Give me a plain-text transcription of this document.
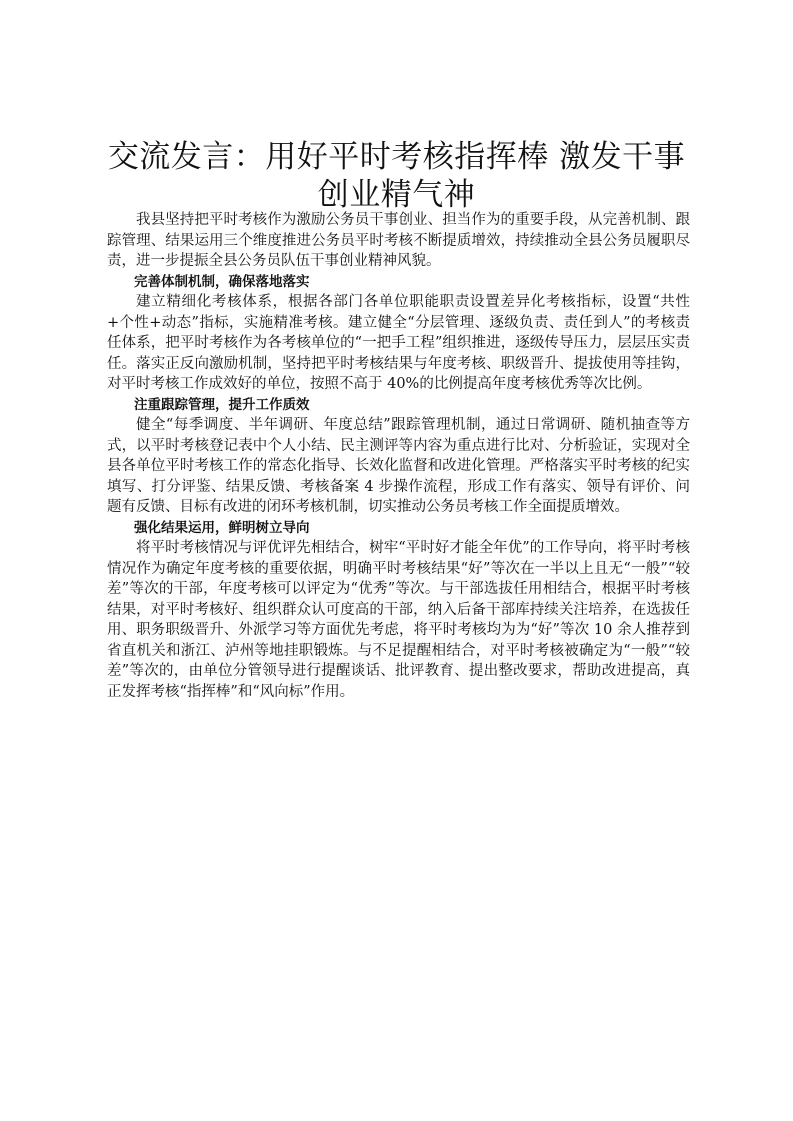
交流发言：用好平时考核指挥棒 激发干事创业精气神

我县坚持把平时考核作为激励公务员干事创业、担当作为的重要手段，从完善机制、跟踪管理、结果运用三个维度推进公务员平时考核不断提质增效，持续推动全县公务员履职尽责，进一步提振全县公务员队伍干事创业精神风貌。

完善体制机制，确保落地落实

建立精细化考核体系，根据各部门各单位职能职责设置差异化考核指标，设置“共性+个性+动态”指标，实施精准考核。建立健全“分层管理、逐级负责、责任到人”的考核责任体系，把平时考核作为各考核单位的“一把手工程”组织推进，逐级传导压力，层层压实责任。落实正反向激励机制，坚持把平时考核结果与年度考核、职级晋升、提拔使用等挂钩，对平时考核工作成效好的单位，按照不高于 40%的比例提高年度考核优秀等次比例。

注重跟踪管理，提升工作质效

健全“每季调度、半年调研、年度总结”跟踪管理机制，通过日常调研、随机抽查等方式，以平时考核登记表中个人小结、民主测评等内容为重点进行比对、分析验证，实现对全县各单位平时考核工作的常态化指导、长效化监督和改进化管理。严格落实平时考核的纪实填写、打分评鉴、结果反馈、考核备案 4 步操作流程，形成工作有落实、领导有评价、问题有反馈、目标有改进的闭环考核机制，切实推动公务员考核工作全面提质增效。

强化结果运用，鲜明树立导向

将平时考核情况与评优评先相结合，树牢“平时好才能全年优”的工作导向，将平时考核情况作为确定年度考核的重要依据，明确平时考核结果“好”等次在一半以上且无“一般”“较差”等次的干部，年度考核可以评定为“优秀”等次。与干部选拔任用相结合，根据平时考核结果，对平时考核好、组织群众认可度高的干部，纳入后备干部库持续关注培养，在选拔任用、职务职级晋升、外派学习等方面优先考虑，将平时考核均为为“好”等次 10 余人推荐到省直机关和浙江、泸州等地挂职锻炼。与不足提醒相结合，对平时考核被确定为“一般”“较差”等次的，由单位分管领导进行提醒谈话、批评教育、提出整改要求，帮助改进提高，真正发挥考核“指挥棒”和“风向标”作用。
